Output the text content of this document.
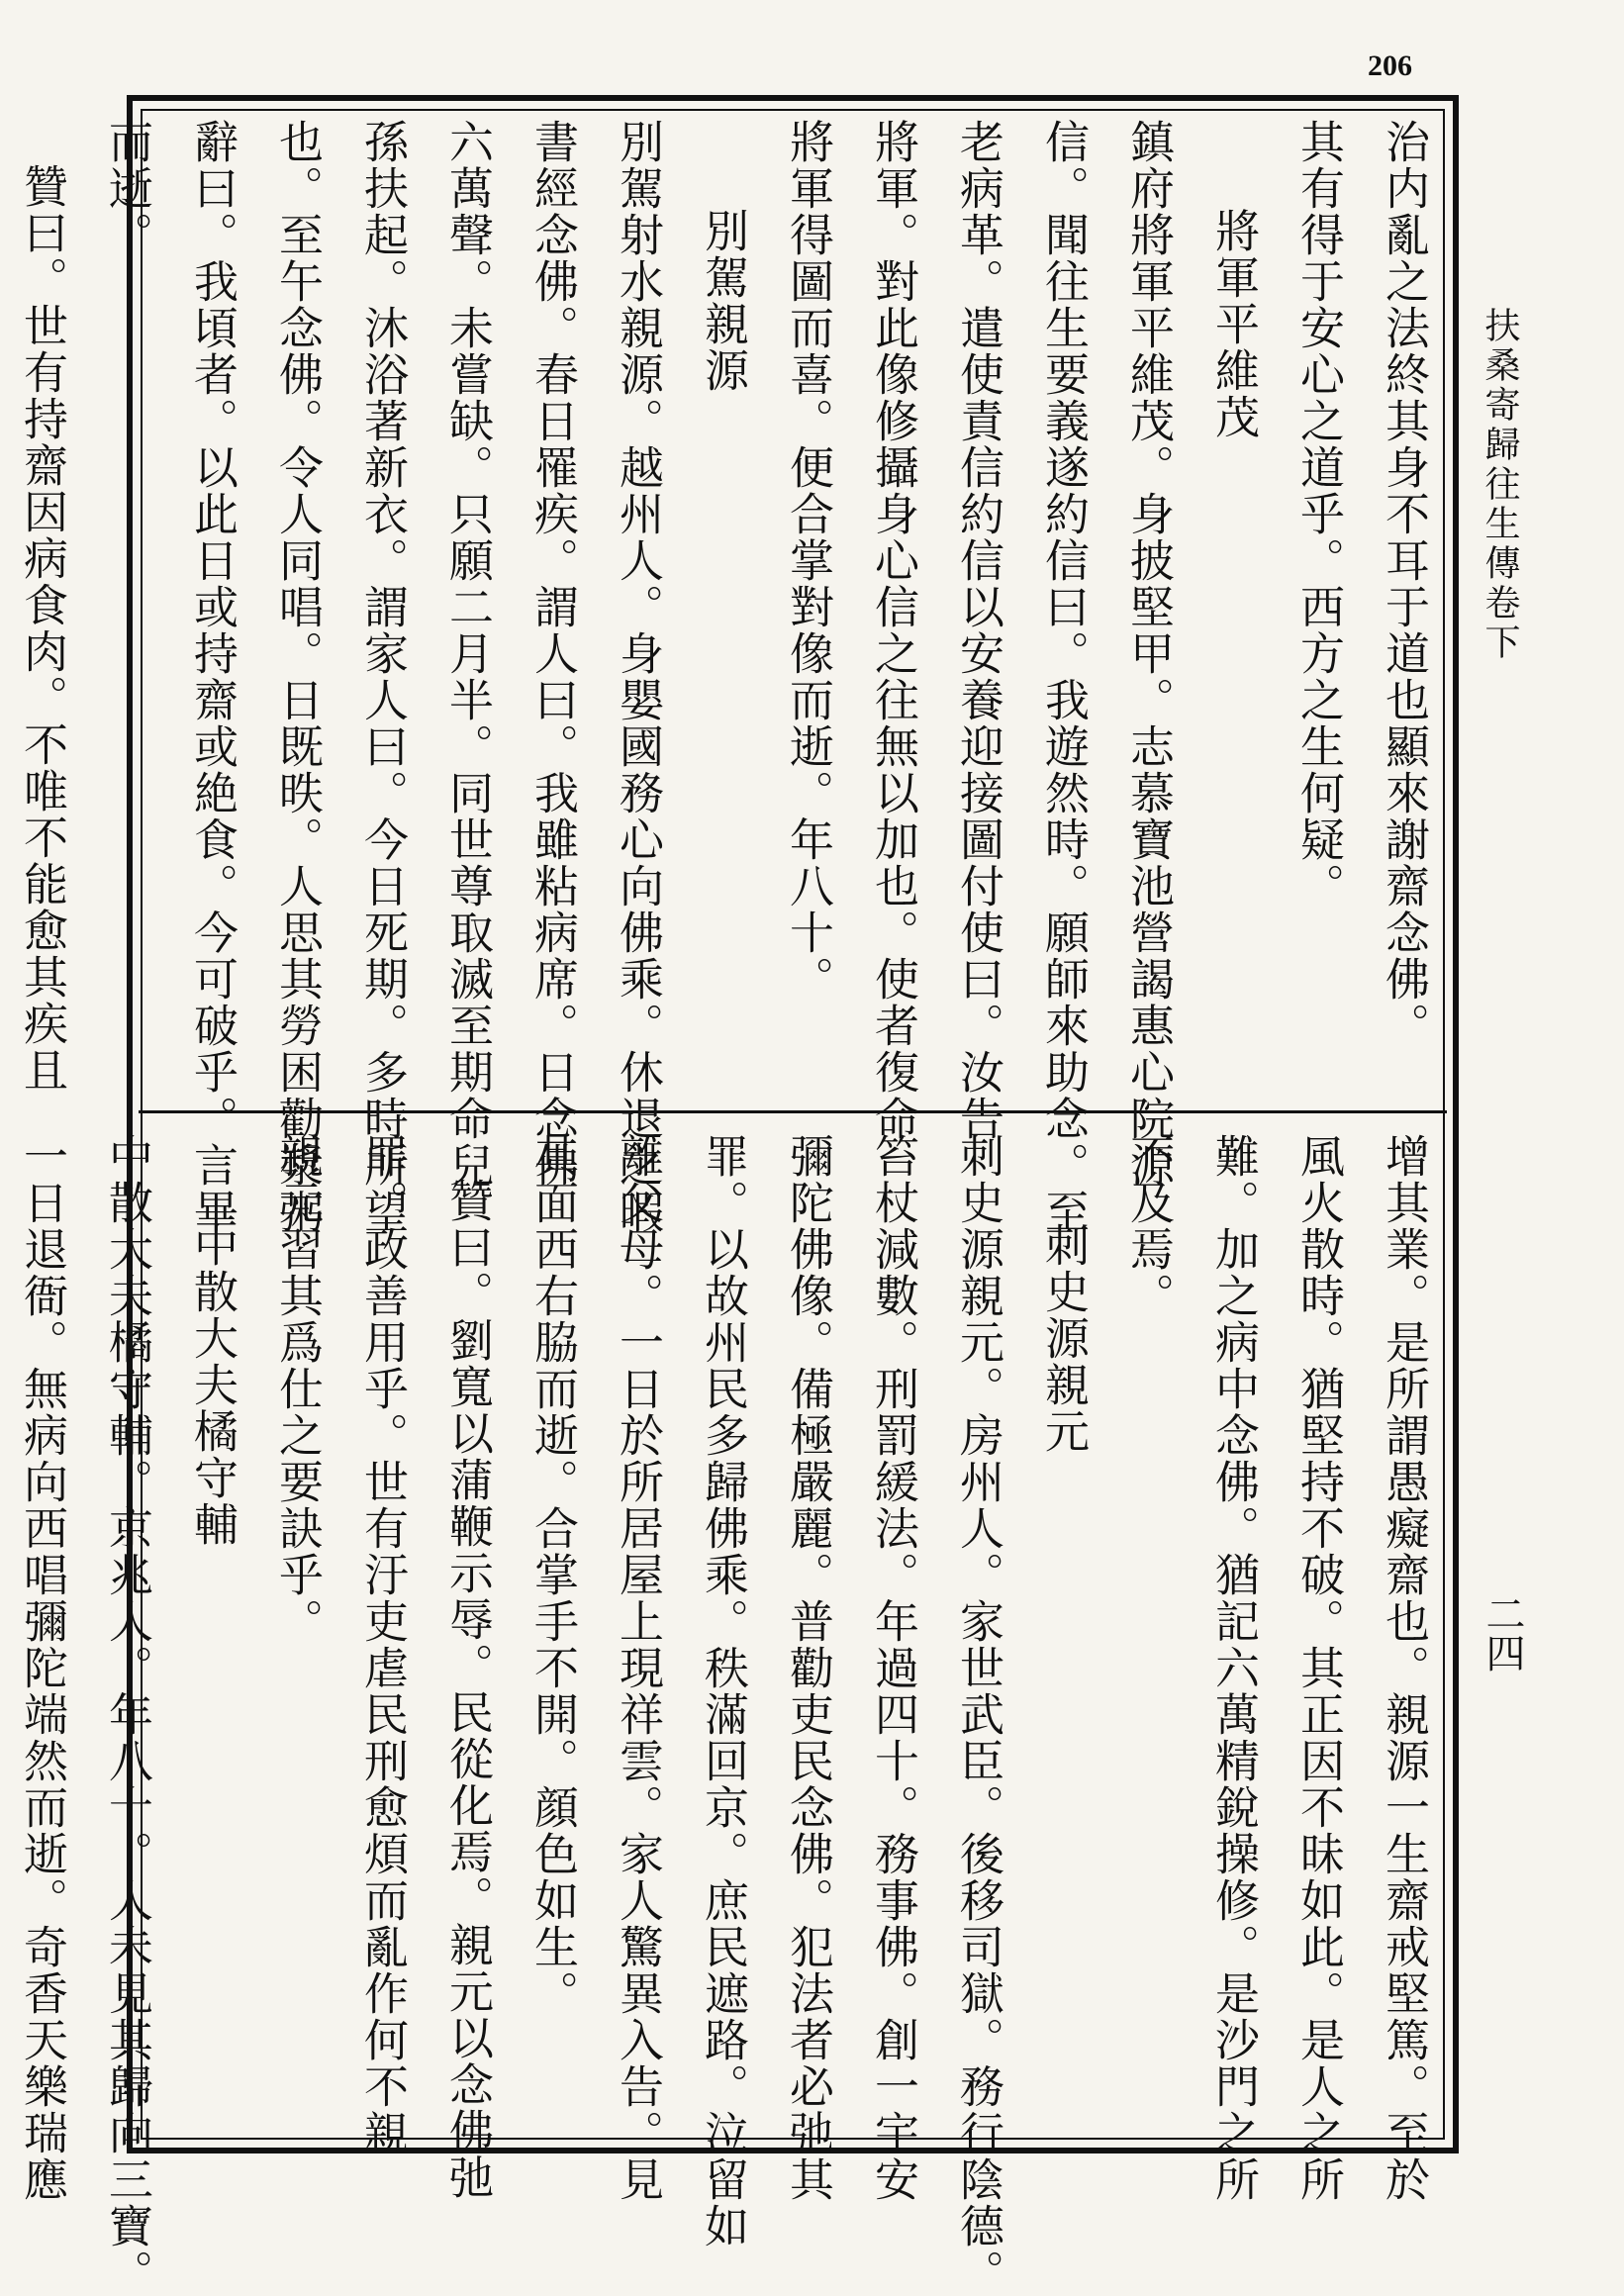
206
扶桑寄歸往生傳卷下
二四
治内亂之法終其身不耳于道也顯來謝齋念佛。
其有得于安心之道乎。西方之生何疑。
將軍平維茂
鎮府將軍平維茂。身披堅甲。志慕寶池營謁惠心院源
信。聞往生要義遂約信曰。我遊然時。願師來助念。至
老病革。遣使責信約信以安養迎接圖付使曰。汝告
將軍。對此像修攝身心信之往無以加也。使者復命
將軍得圖而喜。便合掌對像而逝。年八十。
別駕親源
別駕射水親源。越州人。身嬰國務心向佛乘。休退之暇
書經念佛。春日罹疾。謂人曰。我雖粘病席。日念佛
六萬聲。未嘗缺。只願二月半。同世尊取滅至期命兒
孫扶起。沐浴著新衣。謂家人曰。今日死期。多時所望
也。至午念佛。令人同唱。日既昳。人思其勞困勸漿粥
辭曰。我頃者。以此日或持齋或絶食。今可破乎。言畢
而逝。
贊曰。世有持齋因病食肉。不唯不能愈其疾且
增其業。是所謂愚癡齋也。親源一生齋戒堅篤。至於
風火散時。猶堅持不破。其正因不昧如此。是人之所
難。加之病中念佛。猶記六萬精銳操修。是沙門之所
不及焉。
刺史源親元
刺史源親元。房州人。家世武臣。後移司獄。務行陰德。
笞杖減數。刑罰緩法。年過四十。務事佛。創一宇安
彌陀佛像。備極嚴麗。普勸吏民念佛。犯法者必弛其
罪。以故州民多歸佛乘。秩滿回京。庶民遮路。泣留如
離父母。一日於所居屋上現祥雲。家人驚異入告。見
其面西右脇而逝。合掌手不開。顔色如生。
贊曰。劉寬以蒲鞭示辱。民從化焉。親元以念佛弛
罪。政善用乎。世有汙吏虐民刑愈煩而亂作何不親
親元習其爲仕之要訣乎。
中散大夫橘守輔
中散大夫橘守輔。京兆人。年八十。人未見其歸向三寶。
一日退衙。無病向西唱彌陀端然而逝。奇香天樂瑞應
